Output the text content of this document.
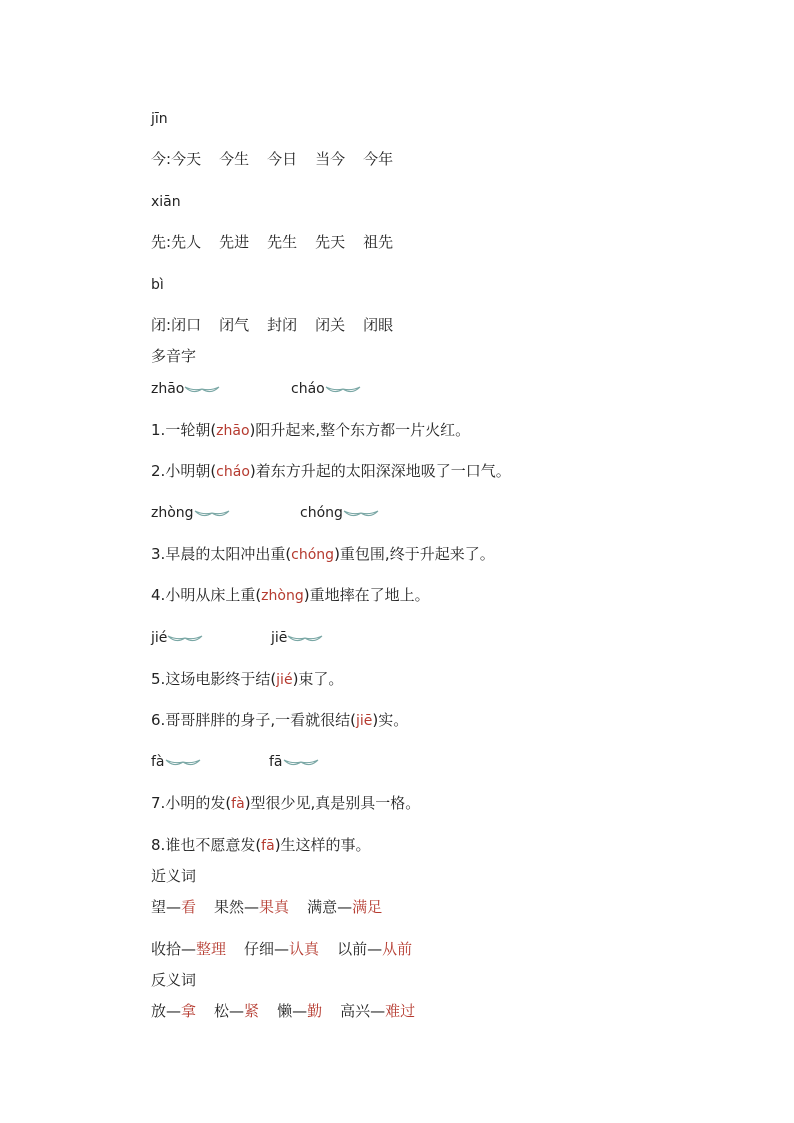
jīn
今:今天 今生 今日 当今 今年
xiān
先:先人 先进 先生 先天 祖先
bì
闭:闭口 闭气 封闭 闭关 闭眼
多音字
zhāo	cháo
1.一轮朝(zhāo)阳升起来,整个东方都一片火红。
2.小明朝(cháo)着东方升起的太阳深深地吸了一口气。
zhòng	chóng
3.早晨的太阳冲出重(chóng)重包围,终于升起来了。
4.小明从床上重(zhòng)重地摔在了地上。
jié	jiē
5.这场电影终于结(jié)束了。
6.哥哥胖胖的身子,一看就很结(jiē)实。
fà	fā
7.小明的发(fà)型很少见,真是别具一格。
8.谁也不愿意发(fā)生这样的事。
近义词
望—看 果然—果真 满意—满足
收拾—整理 仔细—认真 以前—从前
反义词
放—拿 松—紧 懒—勤 高兴—难过
